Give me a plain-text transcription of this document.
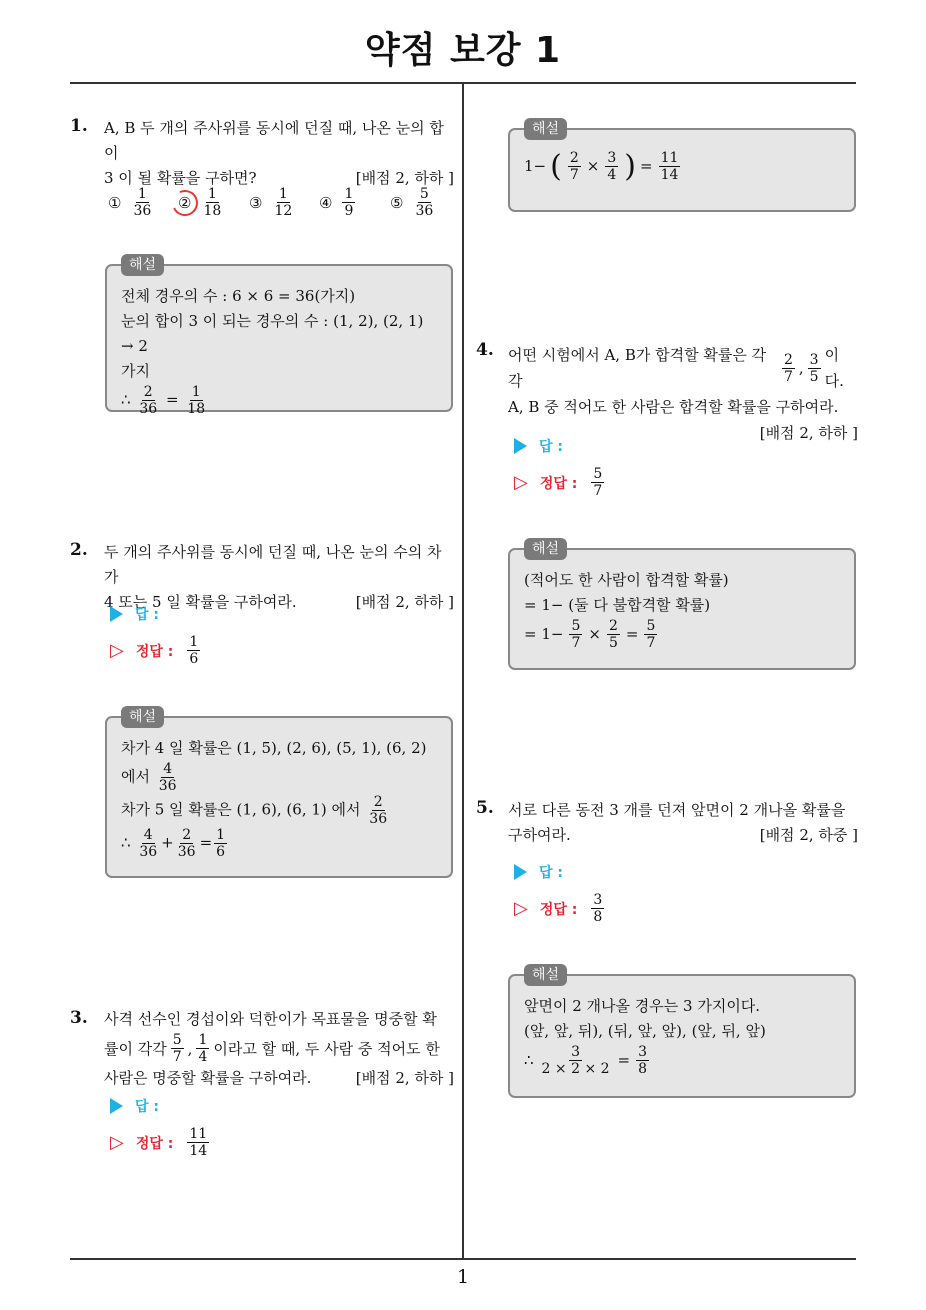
약점 보강 1
1
1. A, B 두 개의 주사위를 동시에 던질 때, 나온 눈의 합이
3 이 될 확률을 구하면?	[배점 2, 하하 ]
① $\frac{1}{36}$ ② $\frac{1}{18}$ ③ $\frac{1}{12}$ ④ $\frac{1}{9}$ ⑤ $\frac{5}{36}$
해설
전체 경우의 수 : 6 × 6 = 36(가지)
눈의 합이 3 이 되는 경우의 수 : (1, 2), (2, 1) → 2
가지
∴ $\frac{2}{36} = \frac{1}{18}$
2. 두 개의 주사위를 동시에 던질 때, 나온 눈의 수의 차가
4 또는 5 일 확률을 구하여라.	[배점 2, 하하 ]
답 :
▷ 정답 : $\frac{1}{6}$
해설
차가 4 일 확률은 (1, 5), (2, 6), (5, 1), (6, 2)
에서 $\frac{4}{36}$
차가 5 일 확률은 (1, 6), (6, 1) 에서 $\frac{2}{36}$
∴ $\frac{4}{36} + \frac{2}{36} = \frac{1}{6}$
3. 사격 선수인 경섭이와 덕한이가 목표물을 명중할 확
률이 각각 $\frac{5}{7}$ , $\frac{1}{4}$ 이라고 할 때, 두 사람 중 적어도 한
사람은 명중할 확률을 구하여라.	[배점 2, 하하 ]
답 :
▷ 정답 : $\frac{11}{14}$
해설
1− ( $\frac{2}{7} \times \frac{3}{4}$ ) = $\frac{11}{14}$
4. 어떤 시험에서 A, B가 합격할 확률은 각각	$\frac{2}{7}$ , $\frac{3}{5}$ 이다.
A, B 중 적어도 한 사람은 합격할 확률을 구하여라.
[배점 2, 하하 ]
답 :
▷ 정답 : $\frac{5}{7}$
해설
(적어도 한 사람이 합격할 확률)
= 1− (둘 다 불합격할 확률)
= $1- \frac{5}{7} \times \frac{2}{5} = \frac{5}{7}$
5. 서로 다른 동전 3 개를 던져 앞면이 2 개나올 확률을
구하여라.	[배점 2, 하중 ]
답 :
▷ 정답 : $\frac{3}{8}$
해설
앞면이 2 개나올 경우는 3 가지이다.
(앞, 앞, 뒤), (뒤, 앞, 앞), (앞, 뒤, 앞)
∴ $\frac{3}{2 \times 2 \times 2} = \frac{3}{8}$
